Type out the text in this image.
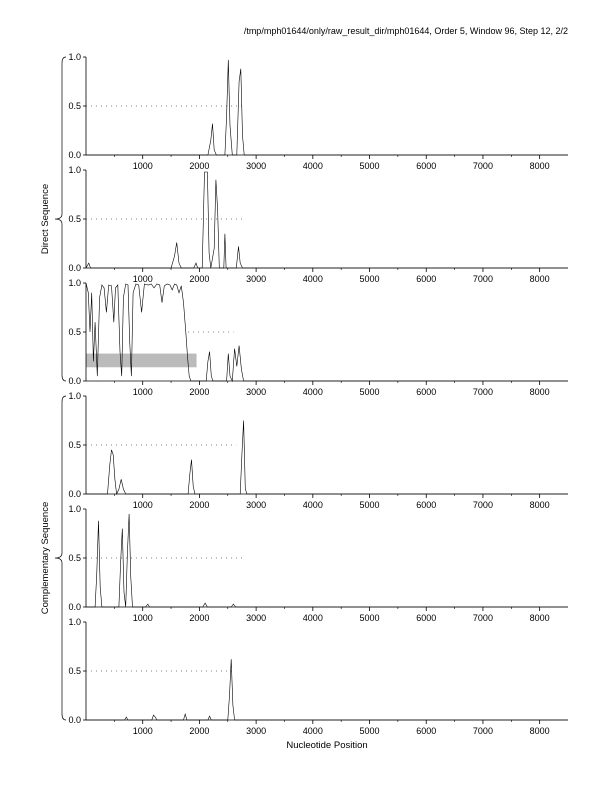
/tmp/mph01644/only/raw_result_dir/mph01644, Order 5, Window 96, Step 12, 2/2
0.0
0.5
1.0
1000	2000	3000	4000	5000	6000	7000	8000
0.0
0.5
1.0
1000	2000	3000	4000	5000	6000	7000	8000
0.0
0.5
1.0
1000	2000	3000	4000	5000	6000	7000	8000
0.0
0.5
1.0
1000	2000	3000	4000	5000	6000	7000	8000
0.0
0.5
1.0
1000	2000	3000	4000	5000	6000	7000	8000
0.0
0.5
1.0
1000	2000	3000	4000	5000	6000	7000	8000
Direct Sequence
Complementary Sequence
Nucleotide Position
